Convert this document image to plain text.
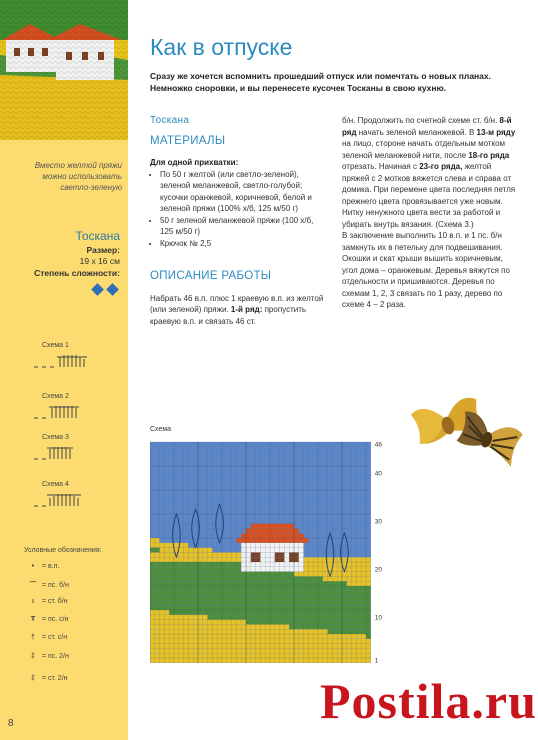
Вместо желтой пряжи можно использовать светло-зеленую
Тоскана
Размер:
19 х 16 см
Степень сложности:
Схема 1
Схема 2
Схема 3
Схема 4
Условные обозначения:
• = в.п.
⌒ = пс. б/н
ı = ст. б/н
Ŧ = пс. с/н
† = ст. с/н
‡ = пс. 2/н
‡ = ст. 2/н
8
Как в отпуске
Сразу же хочется вспомнить прошедший отпуск или помечтать о новых планах. Немножко сноровки, и вы перенесете кусочек Тосканы в свою кухню.
Тоскана
МАТЕРИАЛЫ
Для одной прихватки:
• По 50 г желтой (или светло-зеленой), зеленой меланжевой, светло-голубой; кусочки оранжевой, коричневой, белой и зеленой пряжи (100% х/б, 125 м/50 г)
• 50 г зеленой меланжевой пряжи (100 х/б, 125 м/50 г)
• Крючок № 2,5
ОПИСАНИЕ РАБОТЫ
Набрать 46 в.п. плюс 1 краевую в.п. из желтой (или зеленой) пряжи. 1-й ряд: пропустить краевую в.п. и связать 46 ст.
б/н. Продолжить по счетной схеме ст. б/н. 8-й ряд начать зеленой меланжевой. В 13-м ряду на лицо, стороне начать отдельным мотком зеленой меланжевой нити, после 18-го ряда отрезать. Начиная с 23-го ряда, желтой пряжей с 2 мотков вяжется слева и справа от домика. При перемене цвета последняя петля прежнего цвета провязывается уже новым. Нитку ненужного цвета вести за работой и убирать внутрь вязания. (Схема 3.)
В заключение выполнить 10 в.п. и 1 пс. б/н замкнуть их в петельку для подвешивания. Окошки и скат крыши вышить коричневым, угол дома – оранжевым. Деревья вяжутся по отдельности и пришиваются. Деревья по схемам 1, 2, 3 связать по 1 разу, дерево по схеме 4 – 2 раза.
Схема
46
40
30
20
10
1
Postila.ru
